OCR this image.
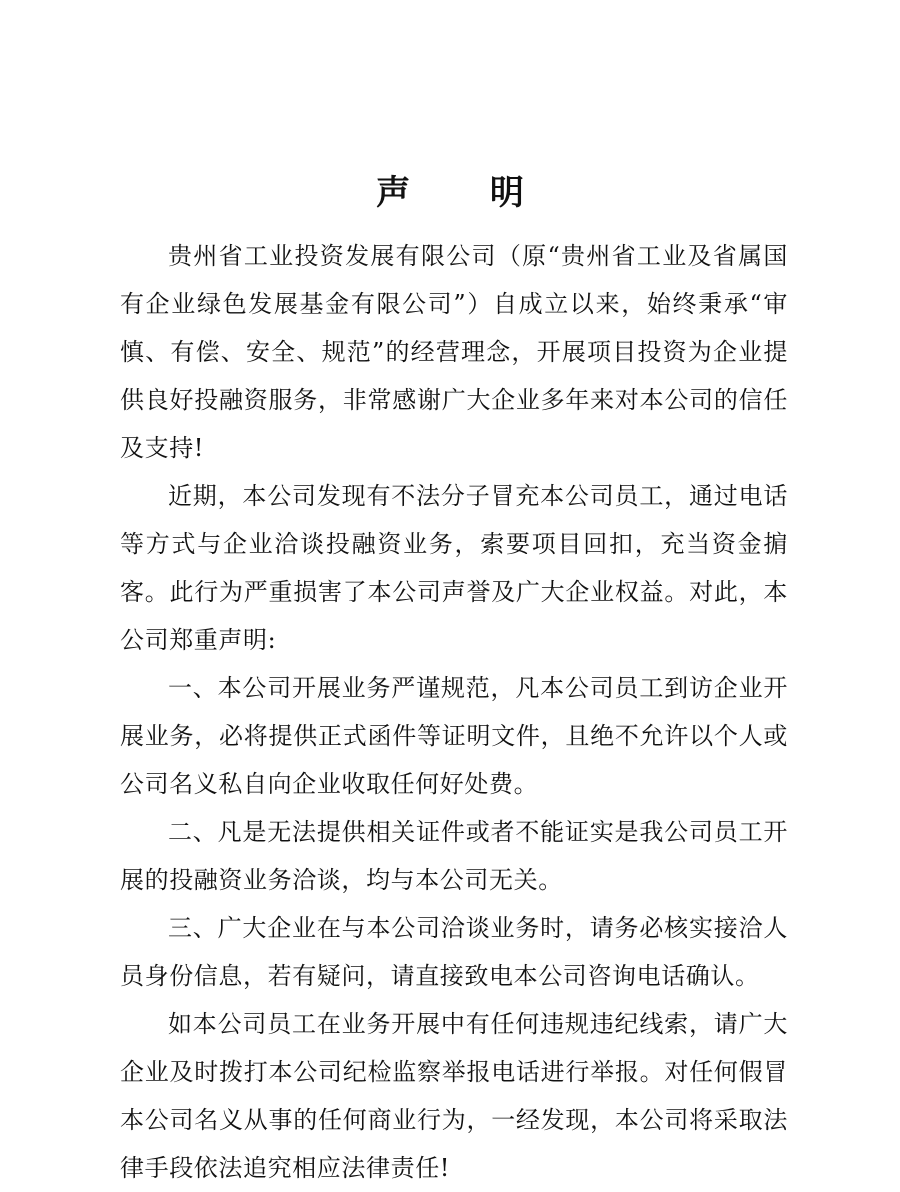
声 明

贵州省工业投资发展有限公司（原“贵州省工业及省属国有企业绿色发展基金有限公司”）自成立以来，始终秉承“审慎、有偿、安全、规范”的经营理念，开展项目投资为企业提供良好投融资服务，非常感谢广大企业多年来对本公司的信任及支持!

近期，本公司发现有不法分子冒充本公司员工，通过电话等方式与企业洽谈投融资业务，索要项目回扣，充当资金掮客。此行为严重损害了本公司声誉及广大企业权益。对此，本公司郑重声明:

一、本公司开展业务严谨规范，凡本公司员工到访企业开展业务，必将提供正式函件等证明文件，且绝不允许以个人或公司名义私自向企业收取任何好处费。

二、凡是无法提供相关证件或者不能证实是我公司员工开展的投融资业务洽谈，均与本公司无关。

三、广大企业在与本公司洽谈业务时，请务必核实接洽人员身份信息，若有疑问，请直接致电本公司咨询电话确认。

如本公司员工在业务开展中有任何违规违纪线索，请广大企业及时拨打本公司纪检监察举报电话进行举报。对任何假冒本公司名义从事的任何商业行为，一经发现，本公司将采取法律手段依法追究相应法律责任!
